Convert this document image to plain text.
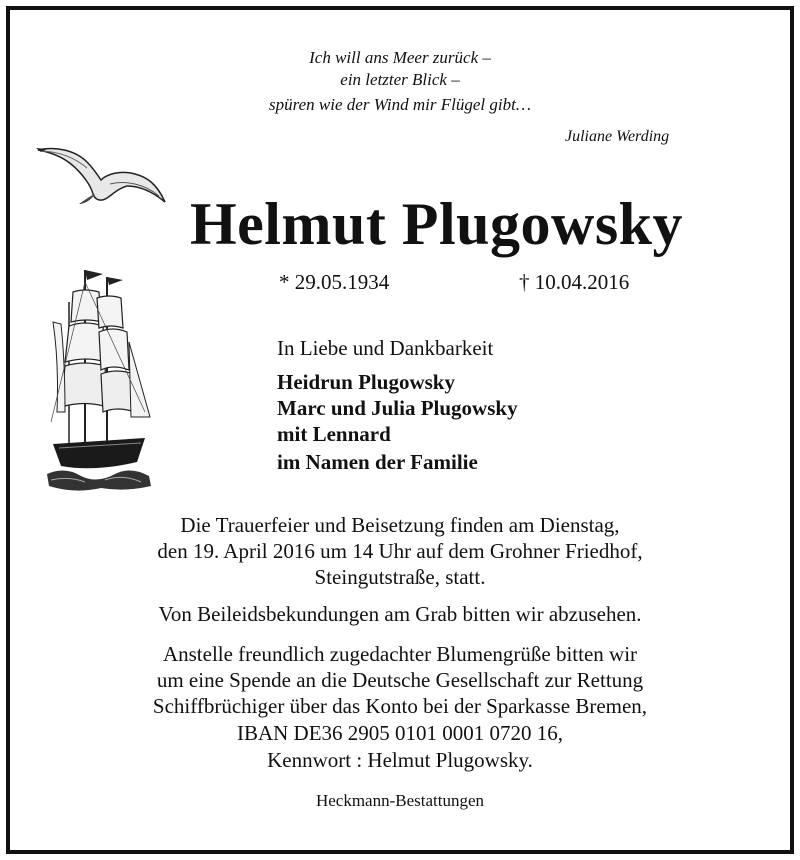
Ich will ans Meer zurück –
ein letzter Blick –
spüren wie der Wind mir Flügel gibt…
Juliane Werding
Helmut Plugowsky
* 29.05.1934	† 10.04.2016
In Liebe und Dankbarkeit
Heidrun Plugowsky
Marc und Julia Plugowsky
mit Lennard
im Namen der Familie
Die Trauerfeier und Beisetzung finden am Dienstag,
den 19. April 2016 um 14 Uhr auf dem Grohner Friedhof,
Steingutstraße, statt.
Von Beileidsbekundungen am Grab bitten wir abzusehen.
Anstelle freundlich zugedachter Blumengrüße bitten wir
um eine Spende an die Deutsche Gesellschaft zur Rettung
Schiffbrüchiger über das Konto bei der Sparkasse Bremen,
IBAN DE36 2905 0101 0001 0720 16,
Kennwort : Helmut Plugowsky.
Heckmann-Bestattungen
